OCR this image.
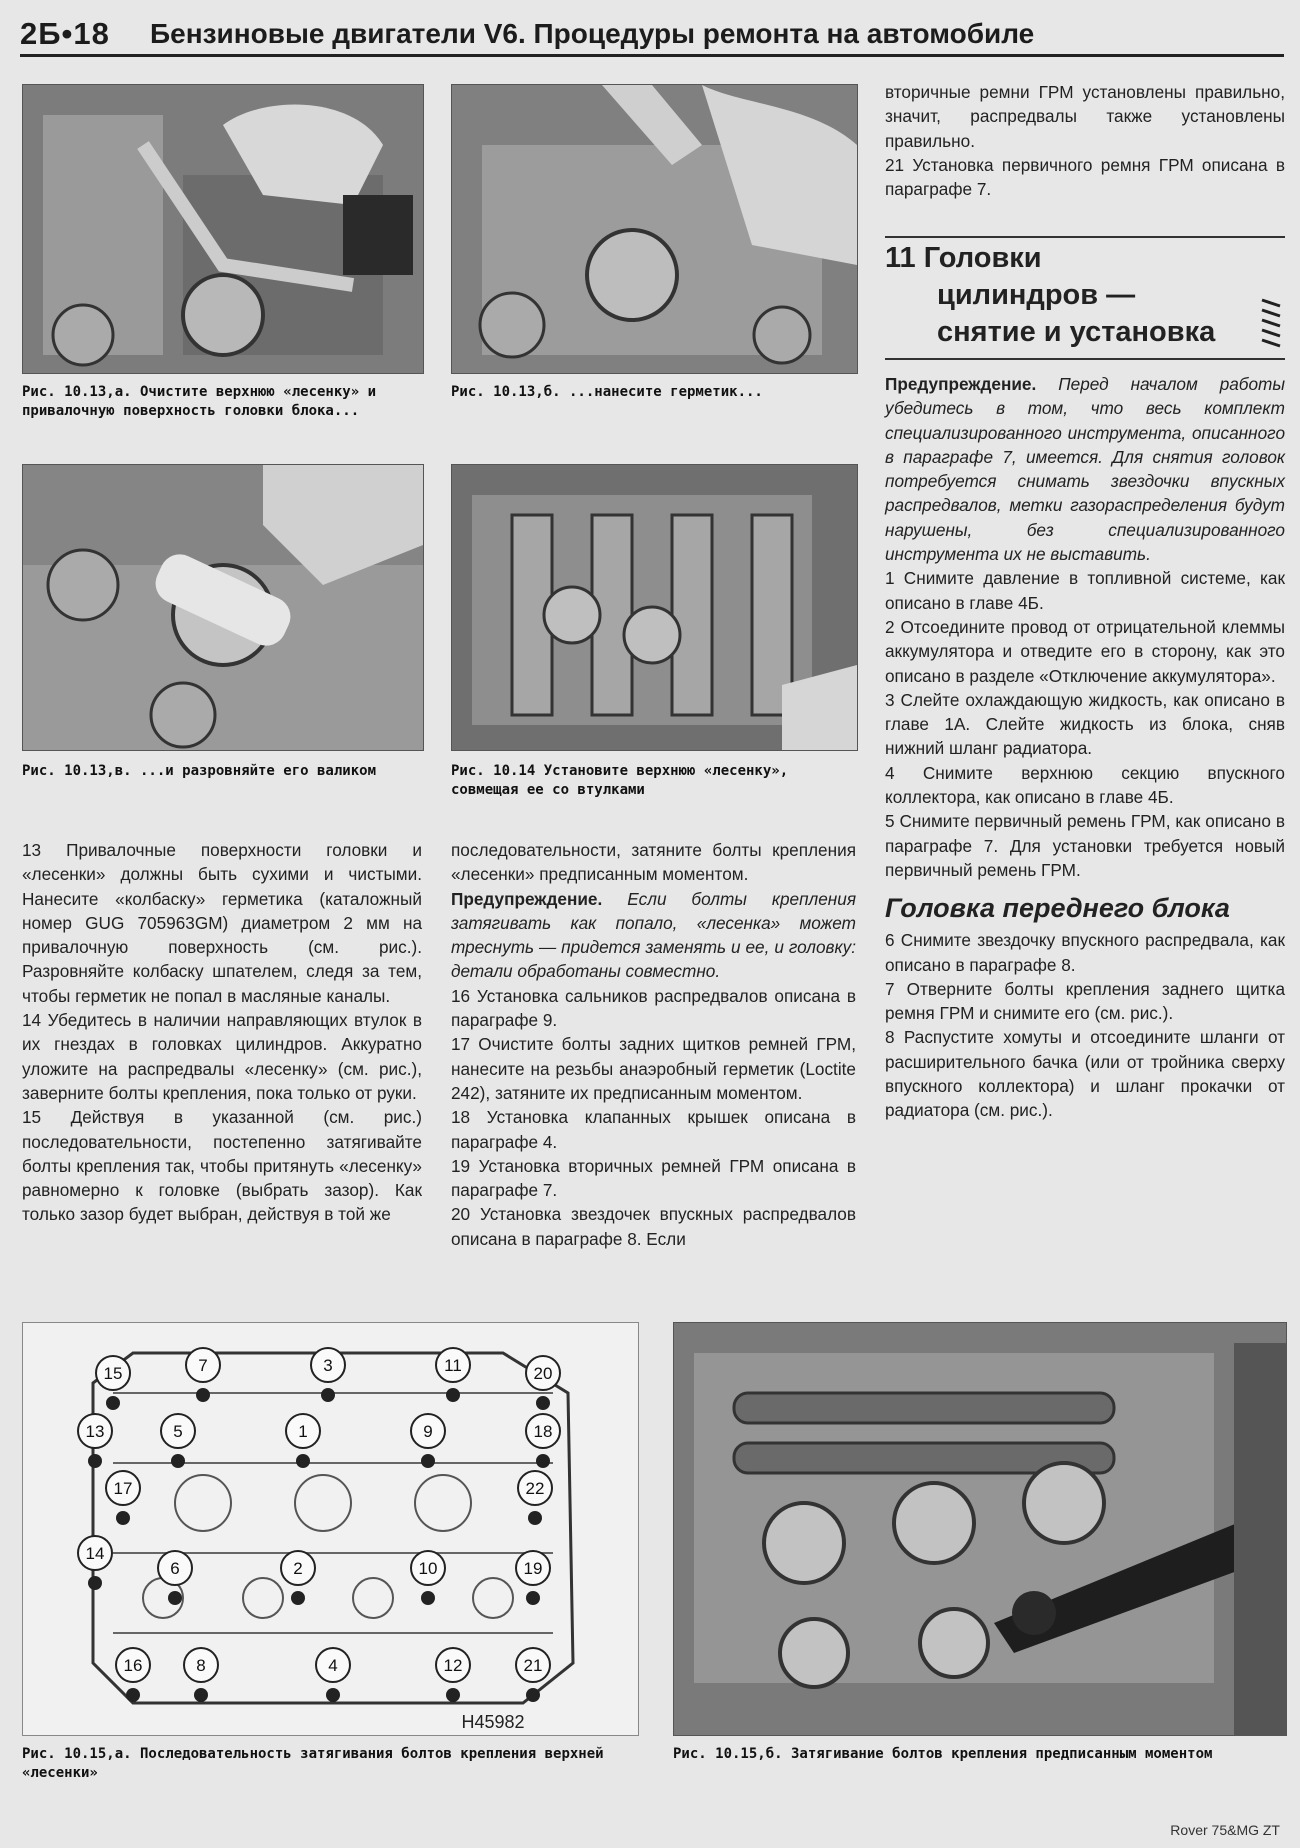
2Б•18 Бензиновые двигатели V6. Процедуры ремонта на автомобиле
Рис. 10.13,а. Очистите верхнюю «лесенку» и привалочную поверхность головки блока...
Рис. 10.13,б. ...нанесите герметик...
Рис. 10.13,в. ...и разровняйте его валиком	Рис. 10.14 Установите верхнюю «лесенку», совмещая ее со втулками

13 Привалочные поверхности головки и «лесенки» должны быть сухими и чистыми. Нанесите «колбаску» герметика (каталожный номер GUG 705963GM) диаметром 2 мм на привалочную поверхность (см. рис.). Разровняйте колбаску шпателем, следя за тем, чтобы герметик не попал в масляные каналы.

14 Убедитесь в наличии направляющих втулок в их гнездах в головках цилиндров. Аккуратно уложите на распредвалы «лесенку» (см. рис.), заверните болты крепления, пока только от руки.

15 Действуя в указанной (см. рис.) последовательности, постепенно затягивайте болты крепления так, чтобы притянуть «лесенку» равномерно к головке (выбрать зазор). Как только зазор будет выбран, действуя в той же

последовательности, затяните болты крепления «лесенки» предписанным моментом.

Предупреждение. Если болты крепления затягивать как попало, «лесенка» может треснуть — придется заменять и ее, и головку: детали обработаны совместно.

16 Установка сальников распредвалов описана в параграфе 9.

17 Очистите болты задних щитков ремней ГРМ, нанесите на резьбы анаэробный герметик (Loctite 242), затяните их предписанным моментом.

18 Установка клапанных крышек описана в параграфе 4.

19 Установка вторичных ремней ГРМ описана в параграфе 7.

20 Установка звездочек впускных распредвалов описана в параграфе 8. Если

вторичные ремни ГРМ установлены правильно, значит, распредвалы также установлены правильно.

21 Установка первичного ремня ГРМ описана в параграфе 7.

11 Головки
цилиндров —
снятие и установка

Предупреждение. Перед началом работы убедитесь в том, что весь комплект специализированного инструмента, описанного в параграфе 7, имеется. Для снятия головок потребуется снимать звездочки впускных распредвалов, метки газораспределения будут нарушены, без специализированного инструмента их не выставить.

1 Снимите давление в топливной системе, как описано в главе 4Б.

2 Отсоедините провод от отрицательной клеммы аккумулятора и отведите его в сторону, как это описано в разделе «Отключение аккумулятора».

3 Слейте охлаждающую жидкость, как описано в главе 1А. Слейте жидкость из блока, сняв нижний шланг радиатора.

4 Снимите верхнюю секцию впускного коллектора, как описано в главе 4Б.

5 Снимите первичный ремень ГРМ, как описано в параграфе 7. Для установки требуется новый первичный ремень ГРМ.

Головка переднего блока

6 Снимите звездочку впускного распредвала, как описано в параграфе 8.

7 Отверните болты крепления заднего щитка ремня ГРМ и снимите его (см. рис.).

8 Распустите хомуты и отсоедините шланги от расширительного бачка (или от тройника сверху впускного коллектора) и шланг прокачки от радиатора (см. рис.).

H45982
1
2
3
4
5
6
7
8
9
10
11
12
13
14
15
16
17
18
19
20
21
22
Рис. 10.15,а. Последовательность затягивания болтов крепления верхней «лесенки»
Рис. 10.15,б. Затягивание болтов крепления предписанным моментом
Rover 75&MG ZT
